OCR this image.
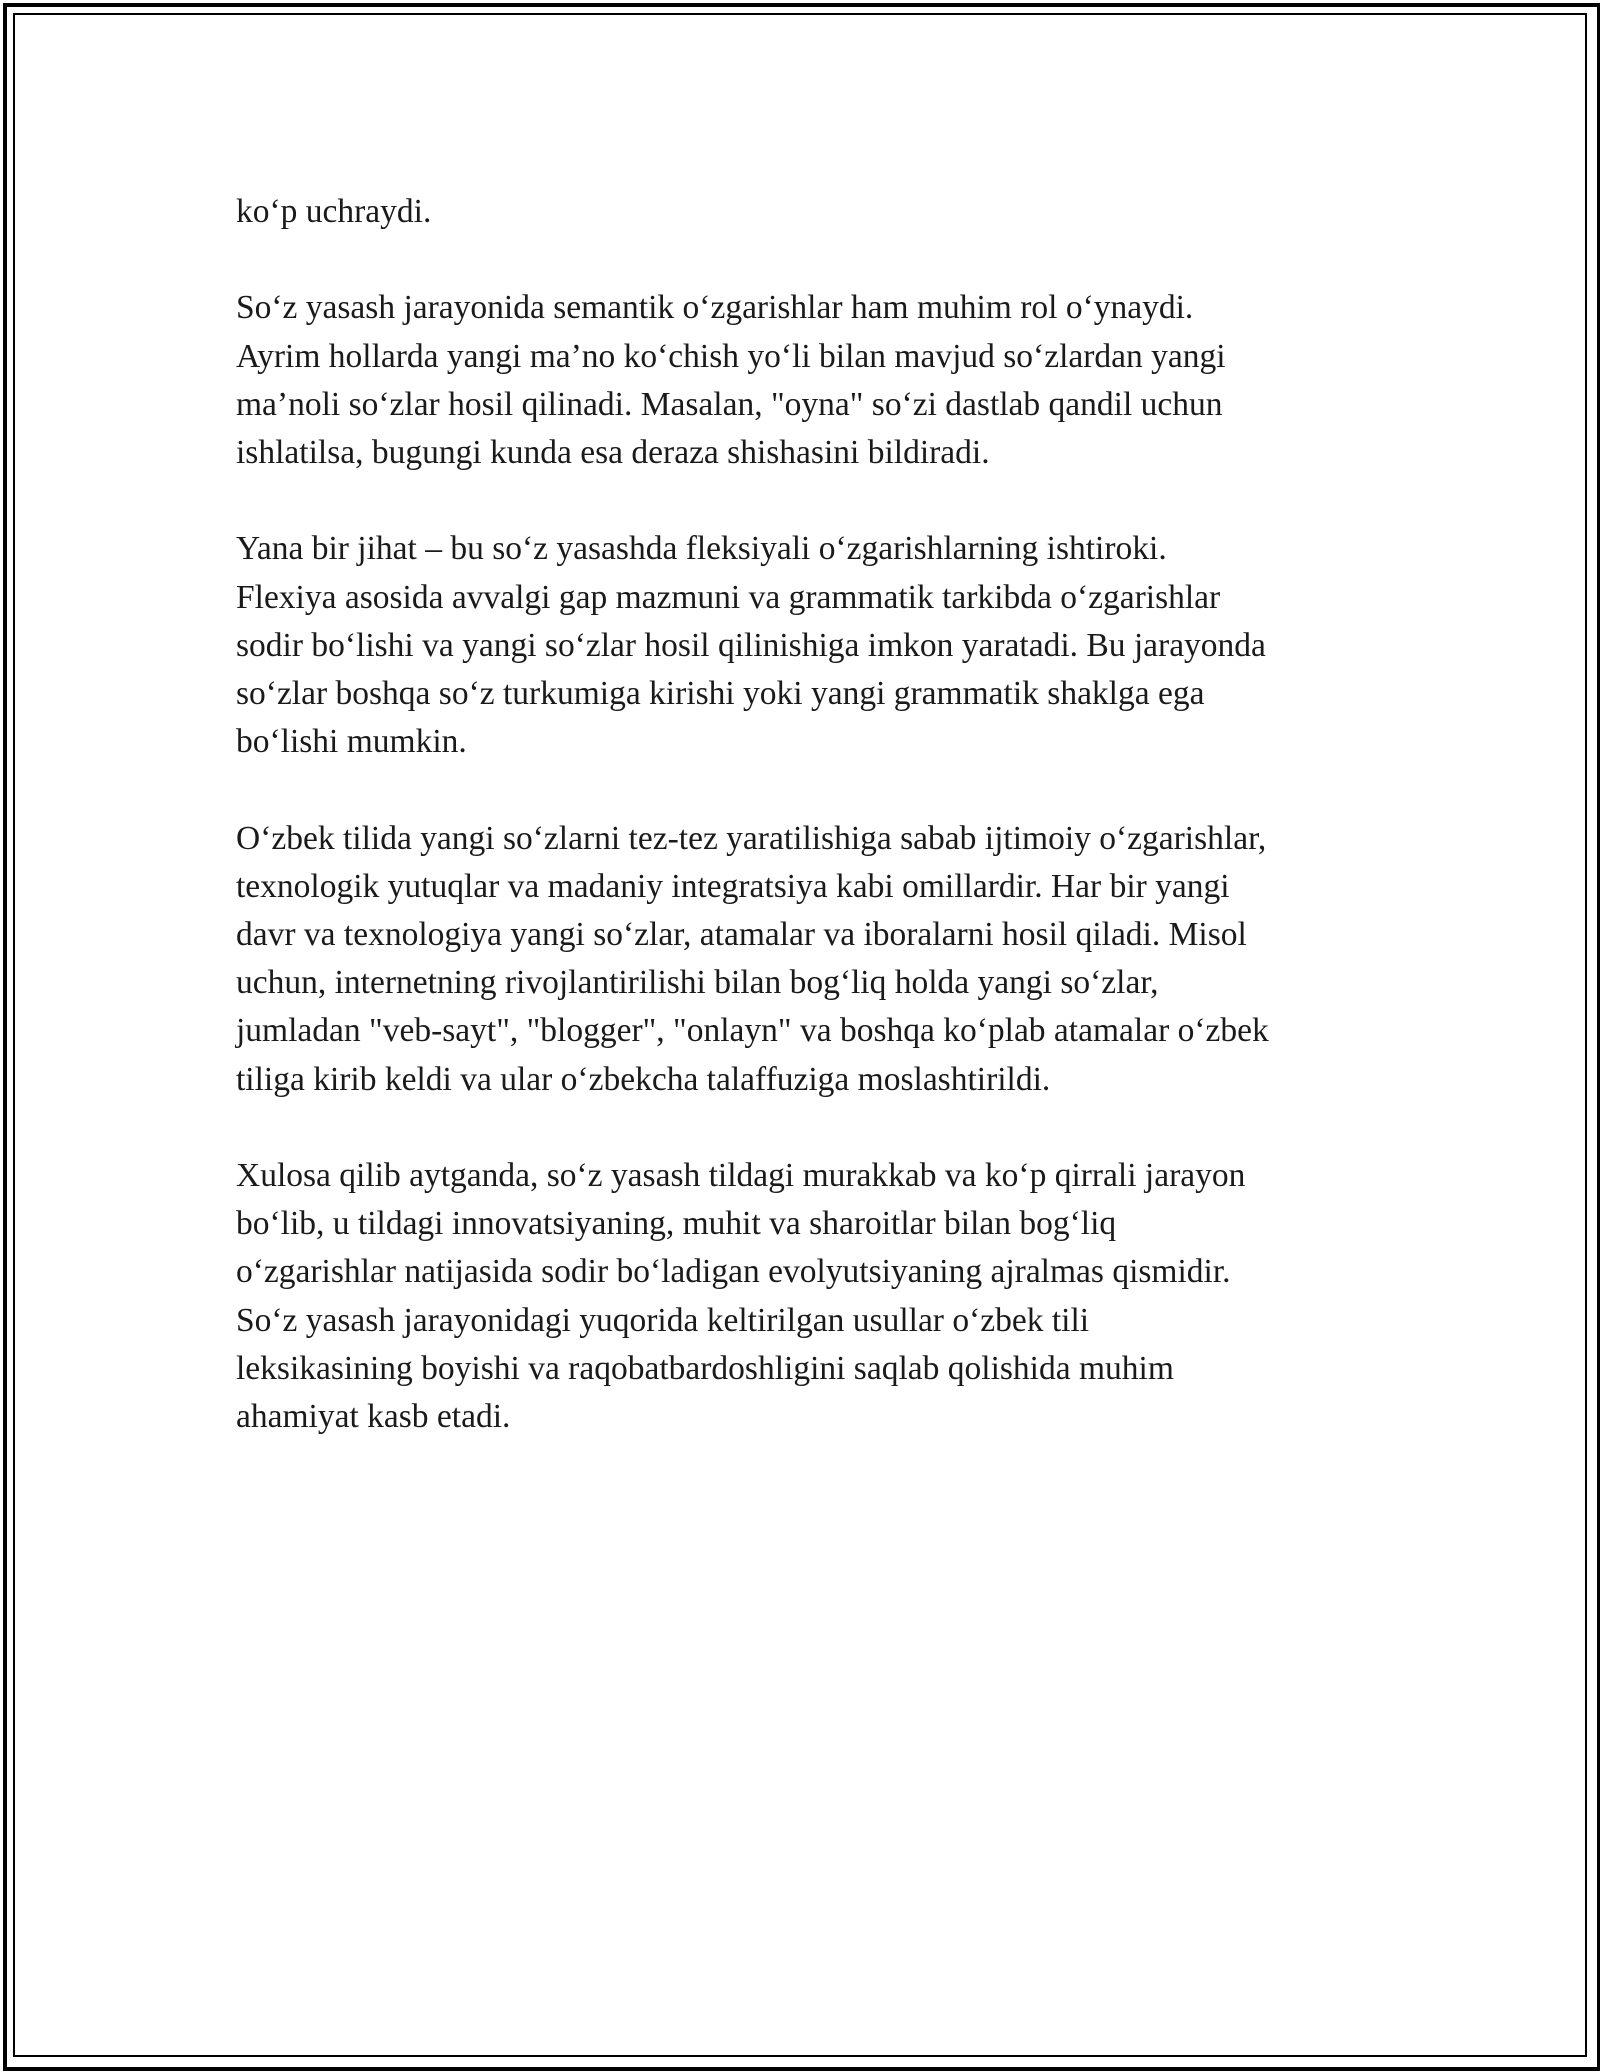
ko‘p uchraydi.

So‘z yasash jarayonida semantik o‘zgarishlar ham muhim rol o‘ynaydi.
Ayrim hollarda yangi ma’no ko‘chish yo‘li bilan mavjud so‘zlardan yangi
ma’noli so‘zlar hosil qilinadi. Masalan, "oyna" so‘zi dastlab qandil uchun
ishlatilsa, bugungi kunda esa deraza shishasini bildiradi.

Yana bir jihat – bu so‘z yasashda fleksiyali o‘zgarishlarning ishtiroki.
Flexiya asosida avvalgi gap mazmuni va grammatik tarkibda o‘zgarishlar
sodir bo‘lishi va yangi so‘zlar hosil qilinishiga imkon yaratadi. Bu jarayonda
so‘zlar boshqa so‘z turkumiga kirishi yoki yangi grammatik shaklga ega
bo‘lishi mumkin.

O‘zbek tilida yangi so‘zlarni tez-tez yaratilishiga sabab ijtimoiy o‘zgarishlar,
texnologik yutuqlar va madaniy integratsiya kabi omillardir. Har bir yangi
davr va texnologiya yangi so‘zlar, atamalar va iboralarni hosil qiladi. Misol
uchun, internetning rivojlantirilishi bilan bog‘liq holda yangi so‘zlar,
jumladan "veb-sayt", "blogger", "onlayn" va boshqa ko‘plab atamalar o‘zbek
tiliga kirib keldi va ular o‘zbekcha talaffuziga moslashtirildi.

Xulosa qilib aytganda, so‘z yasash tildagi murakkab va ko‘p qirrali jarayon
bo‘lib, u tildagi innovatsiyaning, muhit va sharoitlar bilan bog‘liq
o‘zgarishlar natijasida sodir bo‘ladigan evolyutsiyaning ajralmas qismidir.
So‘z yasash jarayonidagi yuqorida keltirilgan usullar o‘zbek tili
leksikasining boyishi va raqobatbardoshligini saqlab qolishida muhim
ahamiyat kasb etadi.
